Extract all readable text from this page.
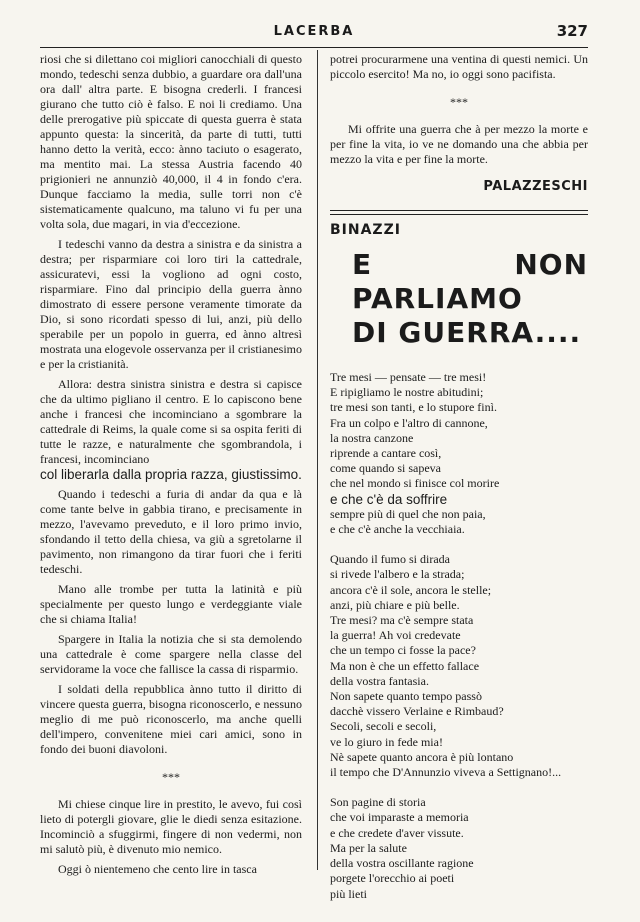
LACERBA	327

riosi che si dilettano coi migliori canocchiali di questo mondo, tedeschi senza dubbio, a guardare ora dall'una ora dall' altra parte. E bisogna crederli. I francesi giurano che tutto ciò è falso. E noi li crediamo. Una delle prerogative più spiccate di questa guerra è stata appunto questa: la sincerità, da parte di tutti, tutti hanno detto la verità, ecco: ànno taciuto o esagerato, ma mentito mai. La stessa Austria facendo 40 prigionieri ne annunziò 40,000, il 4 in fondo c'era. Dunque facciamo la media, sulle torri non c'è sistematicamente qualcuno, ma taluno vi fu per una volta sola, due magari, in via d'eccezione.

I tedeschi vanno da destra a sinistra e da sinistra a destra; per risparmiare coi loro tiri la cattedrale, assicuratevi, essi la vogliono ad ogni costo, risparmiare. Fino dal principio della guerra ànno dimostrato di essere persone veramente timorate da Dio, si sono ricordati spesso di lui, anzi, più dello sperabile per un popolo in guerra, ed ànno altresì mostrata una elogevole osservanza per il cristianesimo e per la cristianità.

Allora: destra sinistra sinistra e destra si capisce che da ultimo pigliano il centro. E lo capiscono bene anche i francesi che incominciano a sgombrare la cattedrale di Reims, la quale come si sa ospita feriti di tutte le razze, e naturalmente che sgombrandola, i francesi, incominciano

col liberarla dalla propria razza, giustissimo.

Quando i tedeschi a furia di andar da qua e là come tante belve in gabbia tirano, e precisamente in mezzo, l'avevamo preveduto, e il loro primo invio, sfondando il tetto della chiesa, va giù a sgretolarne il pavimento, non rimangono da tirar fuori che i feriti tedeschi.

Mano alle trombe per tutta la latinità e più specialmente per questo lungo e verdeggiante viale che si chiama Italia!

Spargere in Italia la notizia che si sta demolendo una cattedrale è come spargere nella classe del servidorame la voce che fallisce la cassa di risparmio.

I soldati della repubblica ànno tutto il diritto di vincere questa guerra, bisogna riconoscerlo, e nessuno meglio di me può riconoscerlo, ma anche quelli dell'impero, convenitene miei cari amici, sono in fondo dei buoni diavoloni.

***

Mi chiese cinque lire in prestito, le avevo, fui così lieto di potergli giovare, glie le diedi senza esitazione. Incominciò a sfuggirmi, fingere di non vedermi, non mi salutò più, è divenuto mio nemico.

Oggi ò nientemeno che cento lire in tasca

potrei procurarmene una ventina di questi nemici. Un piccolo esercito! Ma no, io oggi sono pacifista.

***

Mi offrite una guerra che à per mezzo la morte e per fine la vita, io ve ne domando una che abbia per mezzo la vita e per fine la morte.

PALAZZESCHI
BINAZZI
E NON PARLIAMO
DI GUERRA....
Tre mesi — pensate — tre mesi!
E ripigliamo le nostre abitudini;
tre mesi son tanti, e lo stupore finì.
Fra un colpo e l'altro di cannone,
la nostra canzone
riprende a cantare così,
come quando si sapeva
che nel mondo si finisce col morire
e che c'è da soffrire
sempre più di quel che non paia,
e che c'è anche la vecchiaia.
Quando il fumo si dirada
si rivede l'albero e la strada;
ancora c'è il sole, ancora le stelle;
anzi, più chiare e più belle.
Tre mesi? ma c'è sempre stata
la guerra! Ah voi credevate
che un tempo ci fosse la pace?
Ma non è che un effetto fallace
della vostra fantasia.
Non sapete quanto tempo passò
dacchè vissero Verlaine e Rimbaud?
Secoli, secoli e secoli,
ve lo giuro in fede mia!
Nè sapete quanto ancora è più lontano
il tempo che D'Annunzio viveva a Settignano!...
Son pagine di storia
che voi imparaste a memoria
e che credete d'aver vissute.
Ma per la salute
della vostra oscillante ragione
porgete l'orecchio ai poeti
più lieti
